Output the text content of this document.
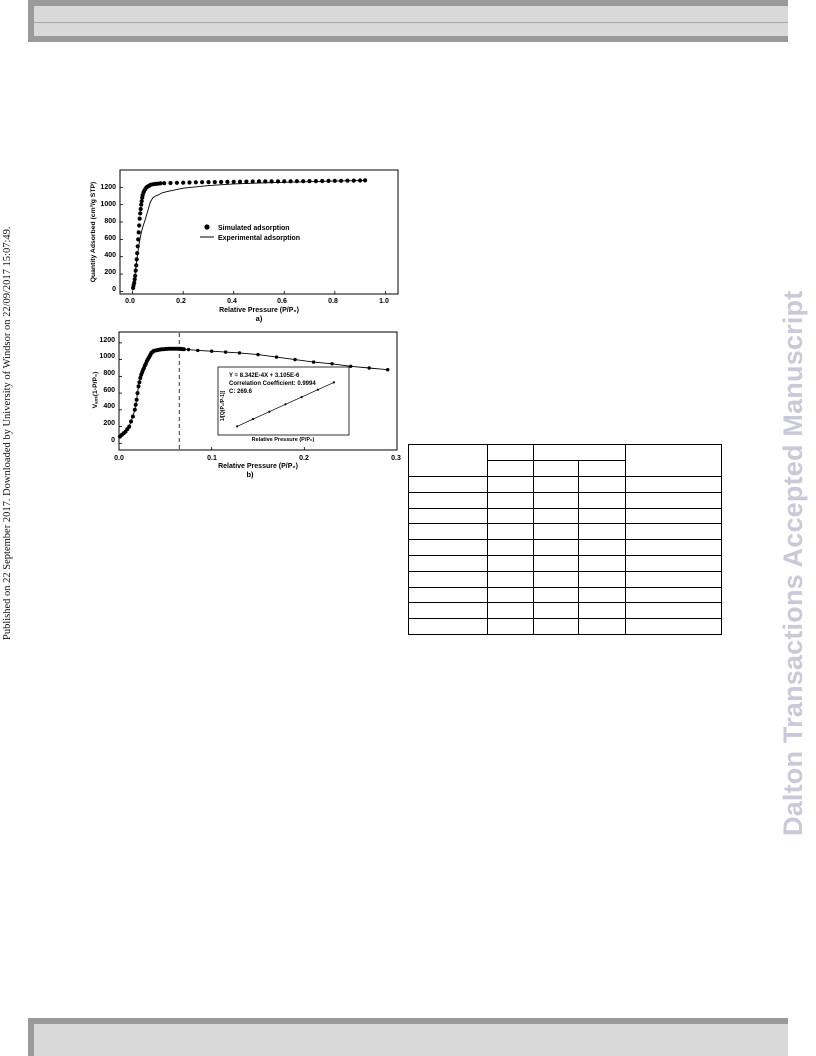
Published on 22 September 2017. Downloaded by University of Windsor on 22/09/2017 15:07:49.	Dalton Transactions Accepted Manuscript
0.0	0.2	0.4	0.6	0.8	1.0
0
200
400
600
800
1000
1200
Relative Pressure (P/P₀)
a)
Quantity Adsorbed (cm³/g STP)	Simulated adsorption
Experimental adsorption
0.0	0.1	0.2	0.3
0
200
400
600
800
1000
1200
Relative Pressure (P/P₀)
b)
Vₐₓₛ(1-P/P₀)	Y = 8.342E-4X + 3.105E-6
Correlation Coefficient: 0.9994
C: 269.6
Relative Pressure (P/P₀)
1/[Q(P₀/P-1)]
